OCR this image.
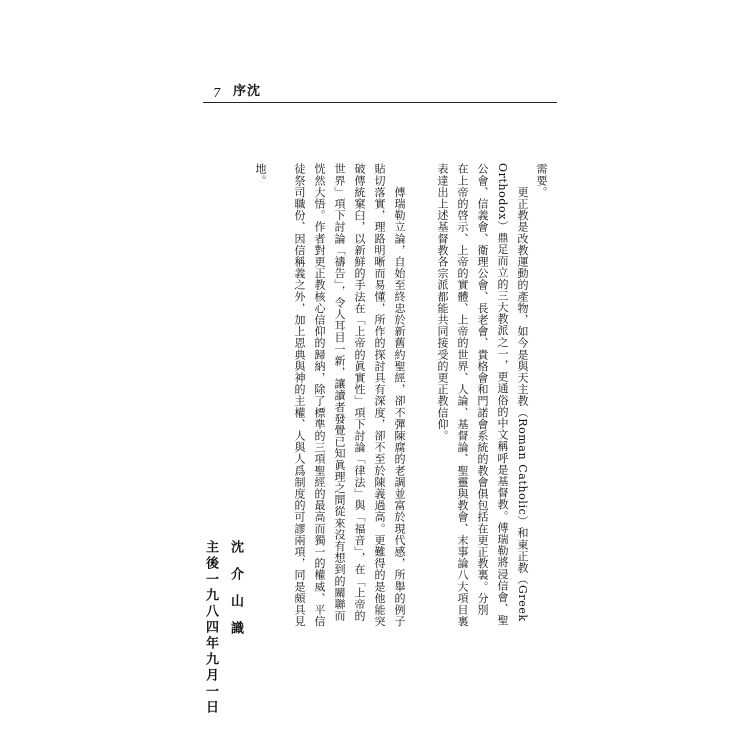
7 序沈
需要。
　　更正教是改教運動的產物，如今是與天主教（Roman Catholic）和東正教（Greek
Orthodox）鼎足而立的三大教派之一，更通俗的中文稱呼是基督教。傅瑞勒將浸信會、聖
公會、信義會、衛理公會、長老會、貴格會和門諾會系統的教會俱包括在更正教裏。分別
在上帝的啓示、上帝的實體、上帝的世界、人論、基督論、聖靈與教會、末事論八大項目裏
表達出上述基督教各宗派都能共同接受的更正教信仰。
　　傅瑞勒立論，自始至終忠於新舊約聖經，卻不彈陳腐的老調並富於現代感，所舉的例子
貼切落實，理路明晰而易懂，所作的探討具有深度，卻不至於陳義過高。更難得的是他能突
破傳統窠臼，以新鮮的手法在「上帝的眞實性」項下討論「律法」與「福音」，在「上帝的
世界」項下討論「禱告」，令人耳目一新，讓讀者發覺已知眞理之間從來沒有想到的關聯而
恍然大悟。作者對更正教核心信仰的歸納，除了標準的三項聖經的最高而獨一的權威、平信
徒祭司職份、因信稱義之外，加上恩典與神的主權、人與人爲制度的可謬兩項，同是頗具見
地。
沈介山識
主後一九八四年九月一日
